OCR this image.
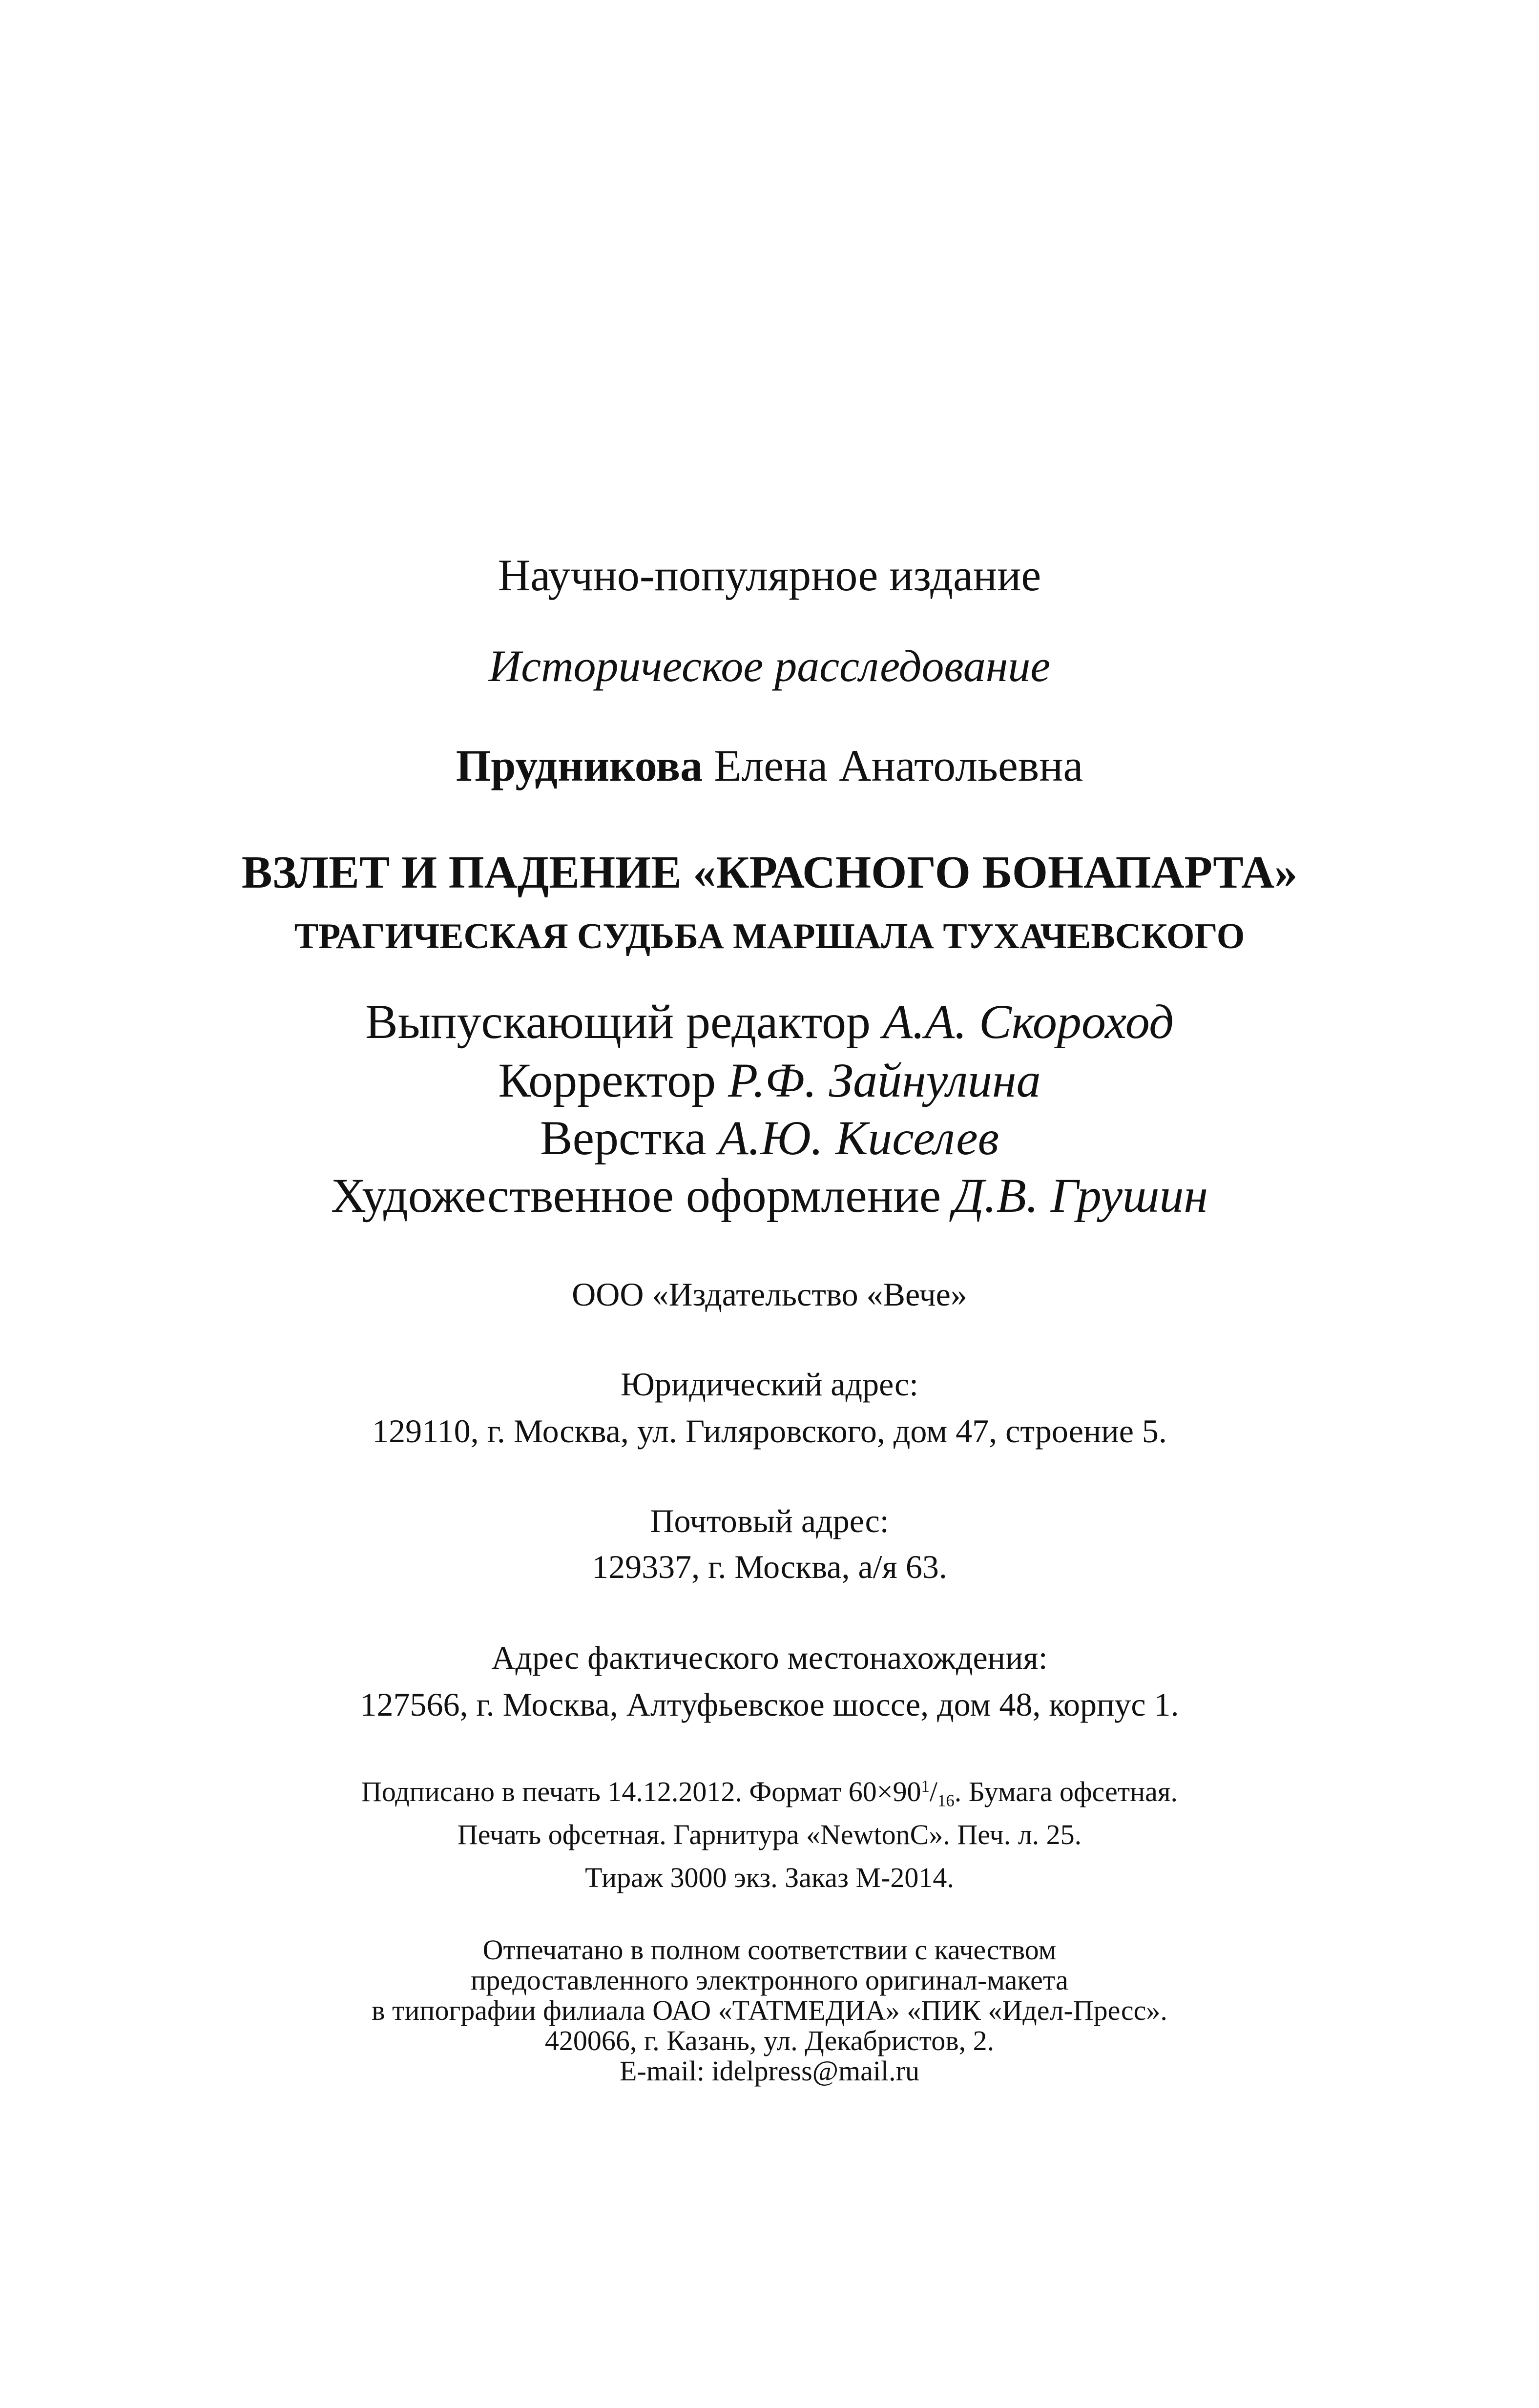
Научно-популярное издание
Историческое расследование
Прудникова Елена Анатольевна
ВЗЛЕТ И ПАДЕНИЕ «КРАСНОГО БОНАПАРТА»
ТРАГИЧЕСКАЯ СУДЬБА МАРШАЛА ТУХАЧЕВСКОГО
Выпускающий редактор А.А. Скороход
Корректор Р.Ф. Зайнулина
Верстка А.Ю. Киселев
Художественное оформление Д.В. Грушин
ООО «Издательство «Вече»
Юридический адрес:
129110, г. Москва, ул. Гиляровского, дом 47, строение 5.
Почтовый адрес:
129337, г. Москва, а/я 63.
Адрес фактического местонахождения:
127566, г. Москва, Алтуфьевское шоссе, дом 48, корпус 1.
Подписано в печать 14.12.2012. Формат $60\times 90^1/_{16}$. Бумага офсетная.
Печать офсетная. Гарнитура «NewtonC». Печ. л. 25.
Тираж 3000 экз. Заказ М-2014.
Отпечатано в полном соответствии с качеством
предоставленного электронного оригинал-макета
в типографии филиала ОАО «ТАТМЕДИА» «ПИК «Идел-Пресс».
420066, г. Казань, ул. Декабристов, 2.
E-mail: idelpress@mail.ru
